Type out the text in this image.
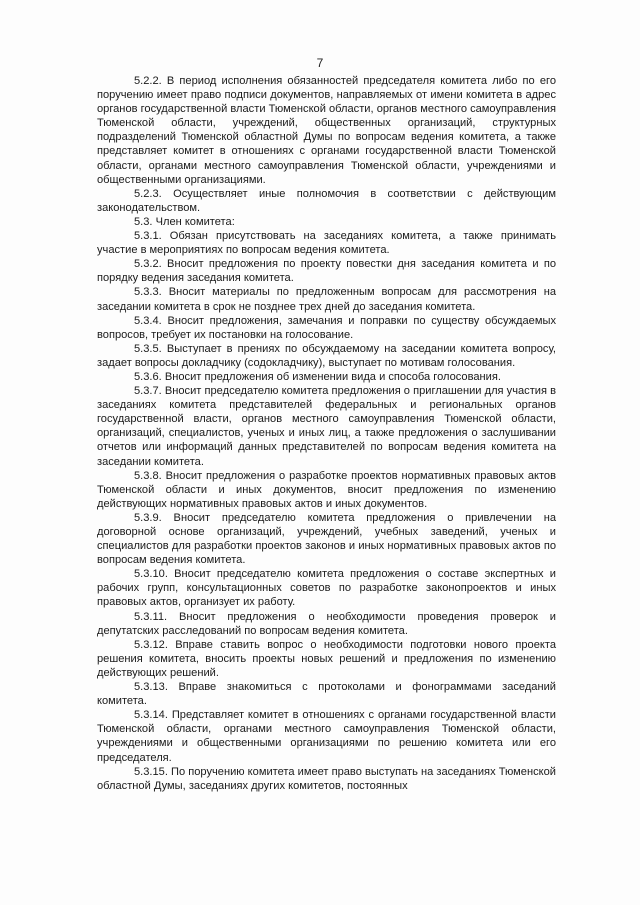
7

5.2.2. В период исполнения обязанностей председателя комитета либо по его поручению имеет право подписи документов, направляемых от имени комитета в адрес органов государственной власти Тюменской области, органов местного самоуправления Тюменской области, учреждений, общественных организаций, структурных подразделений Тюменской областной Думы по вопросам ведения комитета, а также представляет комитет в отношениях с органами государственной власти Тюменской области, органами местного самоуправления Тюменской области, учреждениями и общественными организациями.

5.2.3. Осуществляет иные полномочия в соответствии с действующим законодательством.

5.3. Член комитета:

5.3.1. Обязан присутствовать на заседаниях комитета, а также принимать участие в мероприятиях по вопросам ведения комитета.

5.3.2. Вносит предложения по проекту повестки дня заседания комитета и по порядку ведения заседания комитета.

5.3.3. Вносит материалы по предложенным вопросам для рассмотрения на заседании комитета в срок не позднее трех дней до заседания комитета.

5.3.4. Вносит предложения, замечания и поправки по существу обсуждаемых вопросов, требует их постановки на голосование.

5.3.5. Выступает в прениях по обсуждаемому на заседании комитета вопросу, задает вопросы докладчику (содокладчику), выступает по мотивам голосования.

5.3.6. Вносит предложения об изменении вида и способа голосования.

5.3.7. Вносит председателю комитета предложения о приглашении для участия в заседаниях комитета представителей федеральных и региональных органов государственной власти, органов местного самоуправления Тюменской области, организаций, специалистов, ученых и иных лиц, а также предложения о заслушивании отчетов или информаций данных представителей по вопросам ведения комитета на заседании комитета.

5.3.8. Вносит предложения о разработке проектов нормативных правовых актов Тюменской области и иных документов, вносит предложения по изменению действующих нормативных правовых актов и иных документов.

5.3.9. Вносит председателю комитета предложения о привлечении на договорной основе организаций, учреждений, учебных заведений, ученых и специалистов для разработки проектов законов и иных нормативных правовых актов по вопросам ведения комитета.

5.3.10. Вносит председателю комитета предложения о составе экспертных и рабочих групп, консультационных советов по разработке законопроектов и иных правовых актов, организует их работу.

5.3.11. Вносит предложения о необходимости проведения проверок и депутатских расследований по вопросам ведения комитета.

5.3.12. Вправе ставить вопрос о необходимости подготовки нового проекта решения комитета, вносить проекты новых решений и предложения по изменению действующих решений.

5.3.13. Вправе знакомиться с протоколами и фонограммами заседаний комитета.

5.3.14. Представляет комитет в отношениях с органами государственной власти Тюменской области, органами местного самоуправления Тюменской области, учреждениями и общественными организациями по решению комитета или его председателя.

5.3.15. По поручению комитета имеет право выступать на заседаниях Тюменской областной Думы, заседаниях других комитетов, постоянных
